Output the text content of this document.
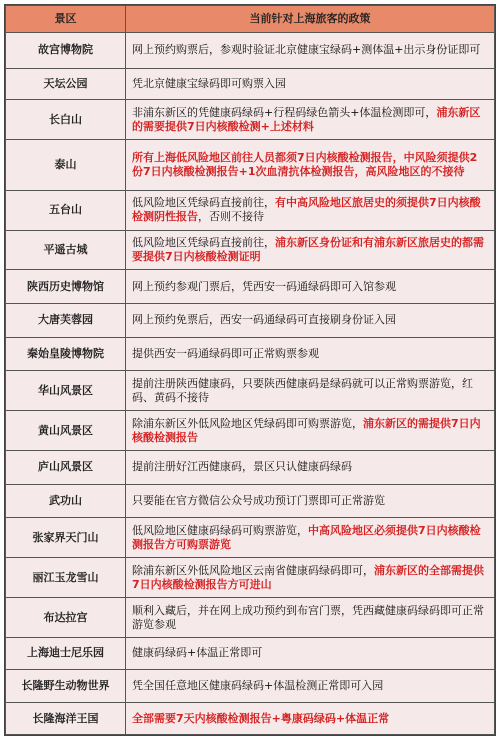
景区	当前针对上海旅客的政策
故宫博物院	网上预约购票后，参观时验证北京健康宝绿码+测体温+出示身份证即可
天坛公园	凭北京健康宝绿码即可购票入园
长白山	非浦东新区的凭健康码绿码+行程码绿色箭头+体温检测即可，浦东新区的需要提供7日内核酸检测+上述材料
泰山	所有上海低风险地区前往人员都须7日内核酸检测报告，中风险须提供2份7日内核酸检测报告+1次血清抗体检测报告，高风险地区的不接待
五台山	低风险地区凭绿码直接前往，有中高风险地区旅居史的须提供7日内核酸检测阴性报告，否则不接待
平遥古城	低风险地区凭绿码直接前往，浦东新区身份证和有浦东新区旅居史的都需要提供7日内核酸检测证明
陕西历史博物馆	网上预约参观门票后，凭西安一码通绿码即可入馆参观
大唐芙蓉园	网上预约免票后，西安一码通绿码可直接刷身份证入园
秦始皇陵博物院	提供西安一码通绿码即可正常购票参观
华山风景区	提前注册陕西健康码，只要陕西健康码是绿码就可以正常购票游览，红码、黄码不接待
黄山风景区	除浦东新区外低风险地区凭绿码即可购票游览，浦东新区的需提供7日内核酸检测报告
庐山风景区	提前注册好江西健康码，景区只认健康码绿码
武功山	只要能在官方微信公众号成功预订门票即可正常游览
张家界天门山	低风险地区健康码绿码可购票游览，中高风险地区必须提供7日内核酸检测报告方可购票游览
丽江玉龙雪山	除浦东新区外低风险地区云南省健康码绿码即可，浦东新区的全部需提供7日内核酸检测报告方可进山
布达拉宫	顺利入藏后，并在网上成功预约到布宫门票，凭西藏健康码绿码即可正常游览参观
上海迪士尼乐园	健康码绿码+体温正常即可
长隆野生动物世界	凭全国任意地区健康码绿码+体温检测正常即可入园
长隆海洋王国	全部需要7天内核酸检测报告+粤康码绿码+体温正常
